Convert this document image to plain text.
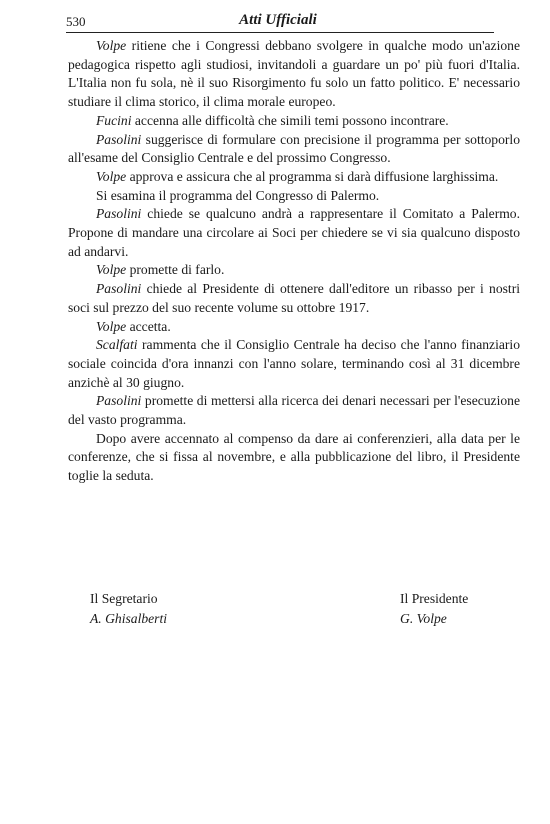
530	Atti Ufficiali

Volpe ritiene che i Congressi debbano svolgere in qualche modo un'azione pedagogica rispetto agli studiosi, invitandoli a guardare un po' più fuori d'Italia. L'Italia non fu sola, nè il suo Risorgimento fu solo un fatto politico. E' necessario studiare il clima storico, il clima morale europeo.

Fucini accenna alle difficoltà che simili temi possono incontrare.

Pasolini suggerisce di formulare con precisione il programma per sottoporlo all'esame del Consiglio Centrale e del prossimo Congresso.

Volpe approva e assicura che al programma si darà diffusione larghissima.

Si esamina il programma del Congresso di Palermo.

Pasolini chiede se qualcuno andrà a rappresentare il Comitato a Palermo. Propone di mandare una circolare ai Soci per chiedere se vi sia qualcuno disposto ad andarvi.

Volpe promette di farlo.

Pasolini chiede al Presidente di ottenere dall'editore un ribasso per i nostri soci sul prezzo del suo recente volume su ottobre 1917.

Volpe accetta.

Scalfati rammenta che il Consiglio Centrale ha deciso che l'anno finanziario sociale coincida d'ora innanzi con l'anno solare, terminando così al 31 dicembre anzichè al 30 giugno.

Pasolini promette di mettersi alla ricerca dei denari necessari per l'esecuzione del vasto programma.

Dopo avere accennato al compenso da dare ai conferenzieri, alla data per le conferenze, che si fissa al novembre, e alla pubblicazione del libro, il Presidente toglie la seduta.

Il Segretario
A. Ghisalberti
Il Presidente
G. Volpe
